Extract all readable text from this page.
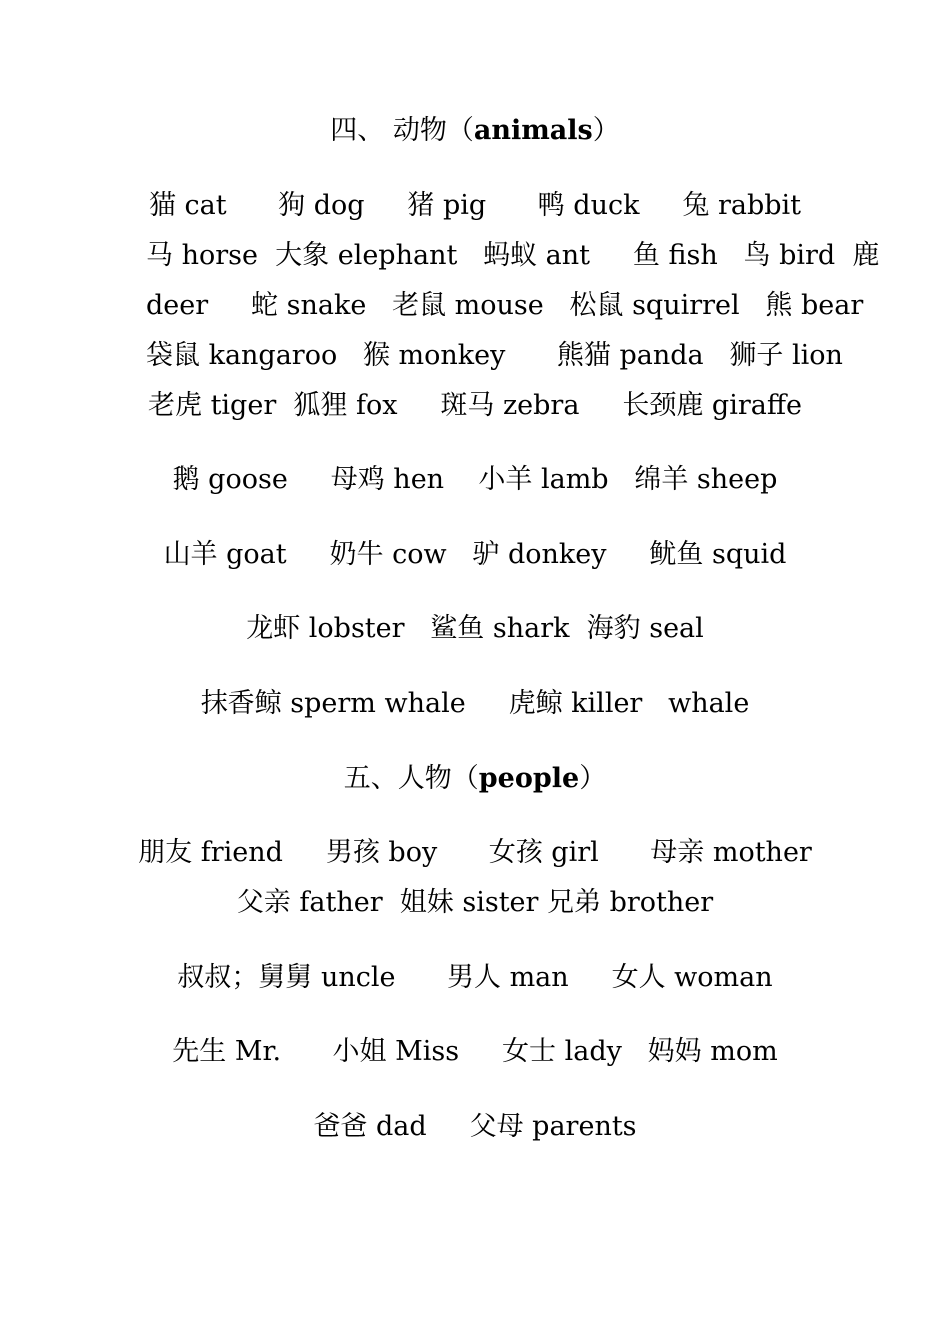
四、 动物（animals）
猫 cat      狗 dog     猪 pig      鸭 duck     兔 rabbit
马 horse  大象 elephant   蚂蚁 ant     鱼 fish   鸟 bird  鹿
deer     蛇 snake   老鼠 mouse   松鼠 squirrel   熊 bear
袋鼠 kangaroo   猴 monkey      熊猫 panda   狮子 lion
老虎 tiger  狐狸 fox     斑马 zebra     长颈鹿 giraffe
鹅 goose     母鸡 hen    小羊 lamb   绵羊 sheep
山羊 goat     奶牛 cow   驴 donkey     鱿鱼 squid
龙虾 lobster   鲨鱼 shark  海豹 seal
抹香鲸 sperm whale     虎鲸 killer   whale
五、人物（people）
朋友 friend     男孩 boy      女孩 girl      母亲 mother
父亲 father  姐妹 sister 兄弟 brother
叔叔；舅舅 uncle      男人 man     女人 woman
先生 Mr.      小姐 Miss     女士 lady   妈妈 mom
爸爸 dad     父母 parents
